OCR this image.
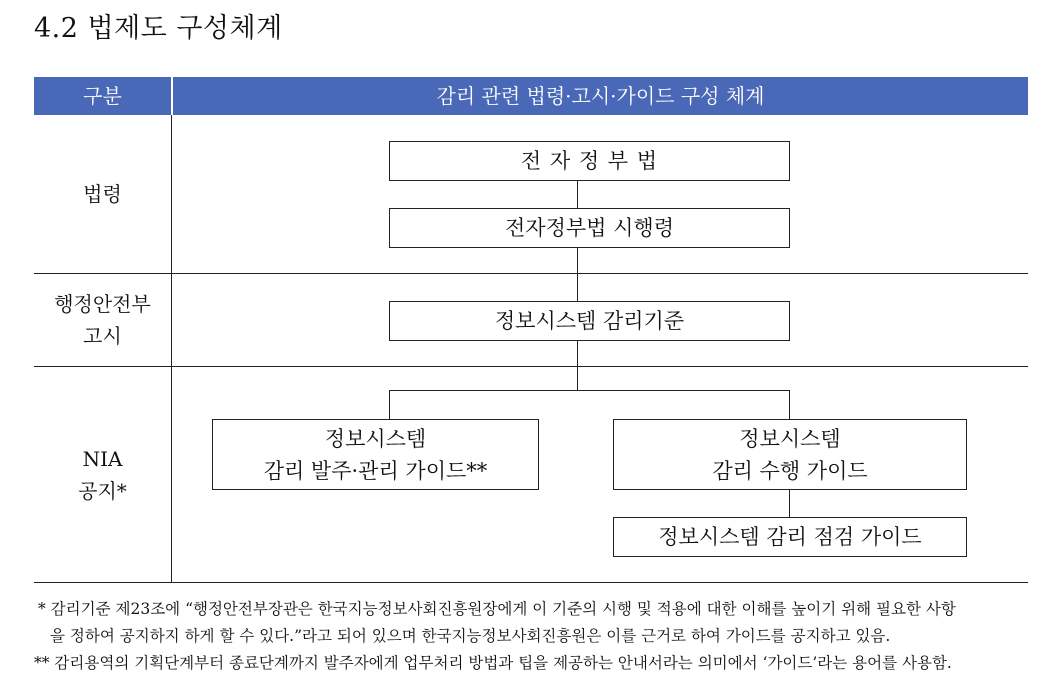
4.2 법제도 구성체계
구분	감리 관련 법령·고시·가이드 구성 체계
법령
행정안전부
고시
NIA
공지*
전 자 정 부 법
전자정부법 시행령
정보시스템 감리기준
정보시스템
감리 발주·관리 가이드**
정보시스템
감리 수행 가이드
정보시스템 감리 점검 가이드
* 감리기준 제23조에 “행정안전부장관은 한국지능정보사회진흥원장에게 이 기준의 시행 및 적용에 대한 이해를 높이기 위해 필요한 사항
을 정하여 공지하지 하게 할 수 있다.”라고 되어 있으며 한국지능정보사회진흥원은 이를 근거로 하여 가이드를 공지하고 있음.
** 감리용역의 기획단계부터 종료단계까지 발주자에게 업무처리 방법과 팁을 제공하는 안내서라는 의미에서 ‘가이드’라는 용어를 사용함.
